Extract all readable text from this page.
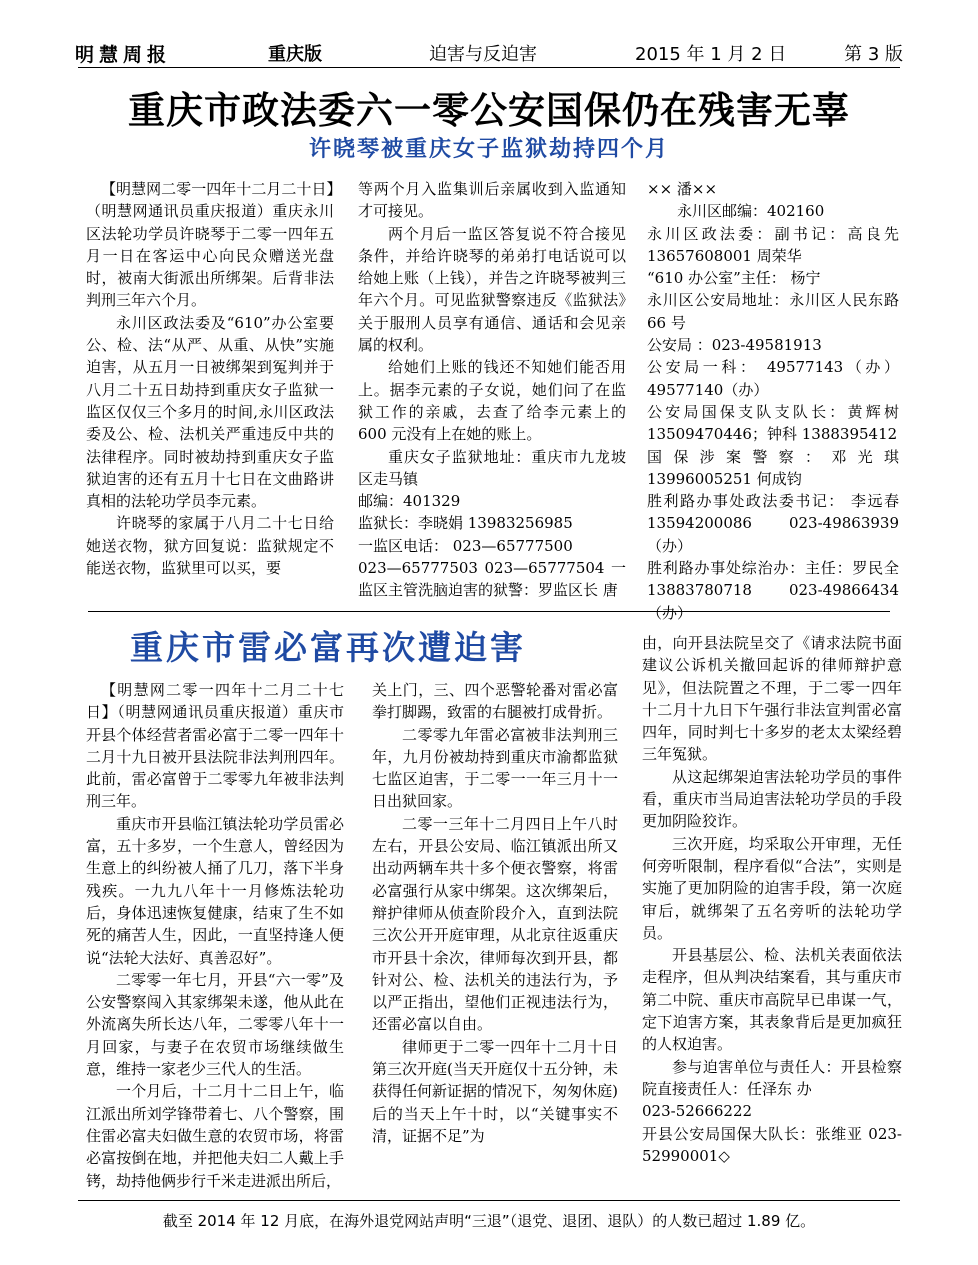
明慧周报	重庆版	迫害与反迫害	2015 年 1 月 2 日	第 3 版
重庆市政法委六一零公安国保仍在残害无辜
许晓琴被重庆女子监狱劫持四个月

【明慧网二零一四年十二月二十日】（明慧网通讯员重庆报道）重庆永川区法轮功学员许晓琴于二零一四年五月一日在客运中心向民众赠送光盘时，被南大街派出所绑架。后背非法判刑三年六个月。

永川区政法委及“610”办公室要公、检、法“从严、从重、从快”实施迫害，从五月一日被绑架到冤判并于八月二十五日劫持到重庆女子监狱一监区仅仅三个多月的时间,永川区政法委及公、检、法机关严重违反中共的法律程序。同时被劫持到重庆女子监狱迫害的还有五月十七日在文曲路讲真相的法轮功学员李元素。

许晓琴的家属于八月二十七日给她送衣物，狱方回复说：监狱规定不能送衣物，监狱里可以买，要

等两个月入监集训后亲属收到入监通知才可接见。

两个月后一监区答复说不符合接见条件，并给许晓琴的弟弟打电话说可以给她上账（上钱），并告之许晓琴被判三年六个月。可见监狱警察违反《监狱法》关于服刑人员享有通信、通话和会见亲属的权利。

给她们上账的钱还不知她们能否用上。据李元素的子女说，她们问了在监狱工作的亲戚，去查了给李元素上的 600 元没有上在她的账上。

重庆女子监狱地址：重庆市九龙坡区走马镇

邮编：401329

监狱长：李晓娟 13983256985

一监区电话： 023—65777500

023—65777503 023—65777504 一监区主管洗脑迫害的狱警：罗监区长 唐

×× 潘××

永川区邮编：402160

永川区政法委：副书记：高良先 13657608001 周荣华

“610 办公室”主任： 杨宁

永川区公安局地址：永川区人民东路 66 号

公安局 ：023-49581913

公安局一科： 49577143（办）49577140（办）

公安局国保支队支队长：黄辉树 13509470446；钟科 1388395412

国保涉案警察：邓光琪 13996005251 何成钧

胜利路办事处政法委书记： 李远春 13594200086 023-49863939（办）

胜利路办事处综治办：主任：罗民全 13883780718 023-49866434（办）

重庆市雷必富再次遭迫害

【明慧网二零一四年十二月二十七日】（明慧网通讯员重庆报道）重庆市开县个体经营者雷必富于二零一四年十二月十九日被开县法院非法判刑四年。此前，雷必富曾于二零零九年被非法判刑三年。

重庆市开县临江镇法轮功学员雷必富，五十多岁，一个生意人，曾经因为生意上的纠纷被人捅了几刀，落下半身残疾。一九九八年十一月修炼法轮功后，身体迅速恢复健康，结束了生不如死的痛苦人生，因此，一直坚持逢人便说“法轮大法好、真善忍好”。

二零零一年七月，开县“六一零”及公安警察闯入其家绑架未遂，他从此在外流离失所长达八年，二零零八年十一月回家，与妻子在农贸市场继续做生意，维持一家老少三代人的生活。

一个月后，十二月十二日上午，临江派出所刘学锋带着七、八个警察，围住雷必富夫妇做生意的农贸市场，将雷必富按倒在地，并把他夫妇二人戴上手铐，劫持他俩步行千米走进派出所后，

关上门，三、四个恶警轮番对雷必富拳打脚踢，致雷的右腿被打成骨折。

二零零九年雷必富被非法判刑三年，九月份被劫持到重庆市渝都监狱七监区迫害，于二零一一年三月十一日出狱回家。

二零一三年十二月四日上午八时左右，开县公安局、临江镇派出所又出动两辆车共十多个便衣警察，将雷必富强行从家中绑架。这次绑架后，辩护律师从侦查阶段介入，直到法院三次公开开庭审理，从北京往返重庆市开县十余次，律师每次到开县，都针对公、检、法机关的违法行为，予以严正指出，望他们正视违法行为，还雷必富以自由。

律师更于二零一四年十二月十日第三次开庭(当天开庭仅十五分钟，未获得任何新证据的情况下，匆匆休庭)后的当天上午十时，以“关键事实不清，证据不足”为

由，向开县法院呈交了《请求法院书面建议公诉机关撤回起诉的律师辩护意见》，但法院置之不理，于二零一四年十二月十九日下午强行非法宣判雷必富四年，同时判七十多岁的老太太梁经碧三年冤狱。

从这起绑架迫害法轮功学员的事件看，重庆市当局迫害法轮功学员的手段更加阴险狡诈。

三次开庭，均采取公开审理，无任何旁听限制，程序看似“合法”，实则是实施了更加阴险的迫害手段，第一次庭审后，就绑架了五名旁听的法轮功学员。

开县基层公、检、法机关表面依法走程序，但从判决结案看，其与重庆市第二中院、重庆市高院早已串谋一气，定下迫害方案，其表象背后是更加疯狂的人权迫害。

参与迫害单位与责任人：开县检察院直接责任人：任泽东 办

023-52666222

开县公安局国保大队长：张维亚 023-52990001◇

截至 2014 年 12 月底，在海外退党网站声明“三退”（退党、退团、退队）的人数已超过 1.89 亿。
